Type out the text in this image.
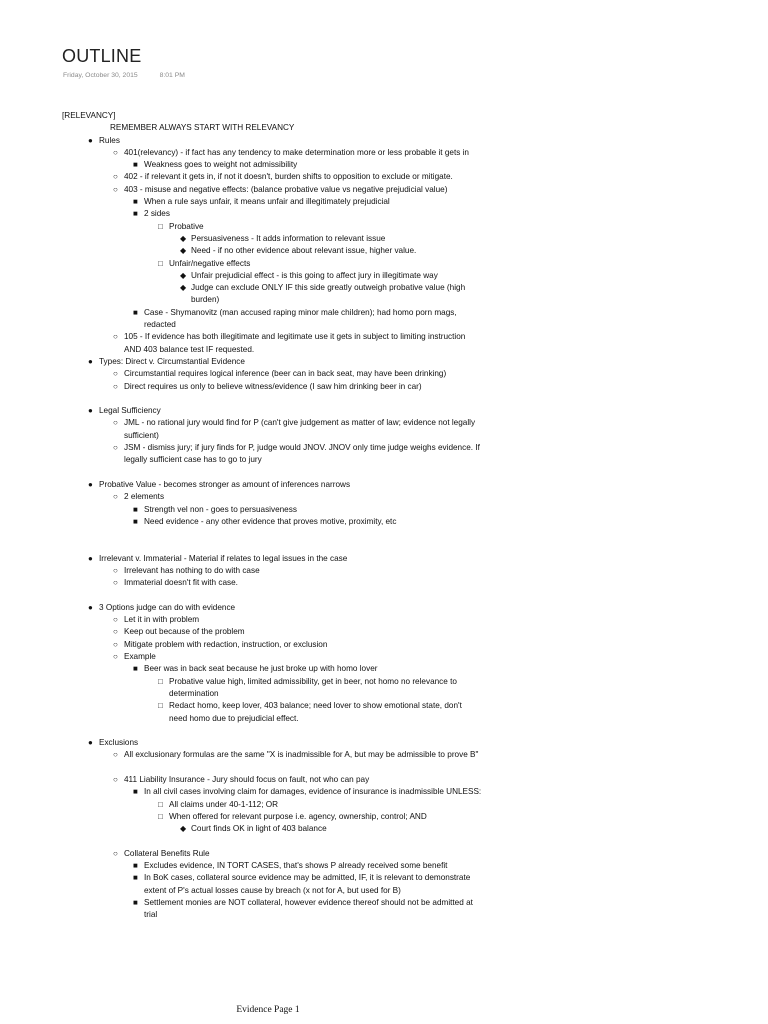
OUTLINE
Friday, October 30, 2015	8:01 PM
[RELEVANCY]
REMEMBER ALWAYS START WITH RELEVANCY
● Rules
○ 401(relevancy) - if fact has any tendency to make determination more or less probable it gets in
■ Weakness goes to weight not admissibility
○ 402 - if relevant it gets in, if not it doesn't, burden shifts to opposition to exclude or mitigate.
○ 403 - misuse and negative effects: (balance probative value vs negative prejudicial value)
■ When a rule says unfair, it means unfair and illegitimately prejudicial
■ 2 sides
□ Probative
◆ Persuasiveness - It adds information to relevant issue
◆ Need - if no other evidence about relevant issue, higher value.
□ Unfair/negative effects
◆ Unfair prejudicial effect - is this going to affect jury in illegitimate way
◆ Judge can exclude ONLY IF this side greatly outweigh probative value (high burden)
■ Case - Shymanovitz (man accused raping minor male children); had homo porn mags, redacted
○ 105 - If evidence has both illegitimate and legitimate use it gets in subject to limiting instruction AND 403 balance test IF requested.
● Types: Direct v. Circumstantial Evidence
○ Circumstantial requires logical inference (beer can in back seat, may have been drinking)
○ Direct requires us only to believe witness/evidence (I saw him drinking beer in car)
● Legal Sufficiency
○ JML - no rational jury would find for P (can't give judgement as matter of law; evidence not legally sufficient)
○ JSM - dismiss jury; if jury finds for P, judge would JNOV. JNOV only time judge weighs evidence. If legally sufficient case has to go to jury
● Probative Value - becomes stronger as amount of inferences narrows
○ 2 elements
■ Strength vel non - goes to persuasiveness
■ Need evidence - any other evidence that proves motive, proximity, etc
● Irrelevant v. Immaterial - Material if relates to legal issues in the case
○ Irrelevant has nothing to do with case
○ Immaterial doesn't fit with case.
● 3 Options judge can do with evidence
○ Let it in with problem
○ Keep out because of the problem
○ Mitigate problem with redaction, instruction, or exclusion
○ Example
■ Beer was in back seat because he just broke up with homo lover
□ Probative value high, limited admissibility, get in beer, not homo no relevance to determination
□ Redact homo, keep lover, 403 balance; need lover to show emotional state, don't need homo due to prejudicial effect.
● Exclusions
○ All exclusionary formulas are the same "X is inadmissible for A, but may be admissible to prove B"
○ 411 Liability Insurance - Jury should focus on fault, not who can pay
■ In all civil cases involving claim for damages, evidence of insurance is inadmissible UNLESS:
□ All claims under 40-1-112; OR
□ When offered for relevant purpose i.e. agency, ownership, control; AND
◆ Court finds OK in light of 403 balance
○ Collateral Benefits Rule
■ Excludes evidence, IN TORT CASES, that's shows P already received some benefit
■ In BoK cases, collateral source evidence may be admitted, IF, it is relevant to demonstrate extent of P's actual losses cause by breach (x not for A, but used for B)
■ Settlement monies are NOT collateral, however evidence thereof should not be admitted at trial
Evidence Page 1
